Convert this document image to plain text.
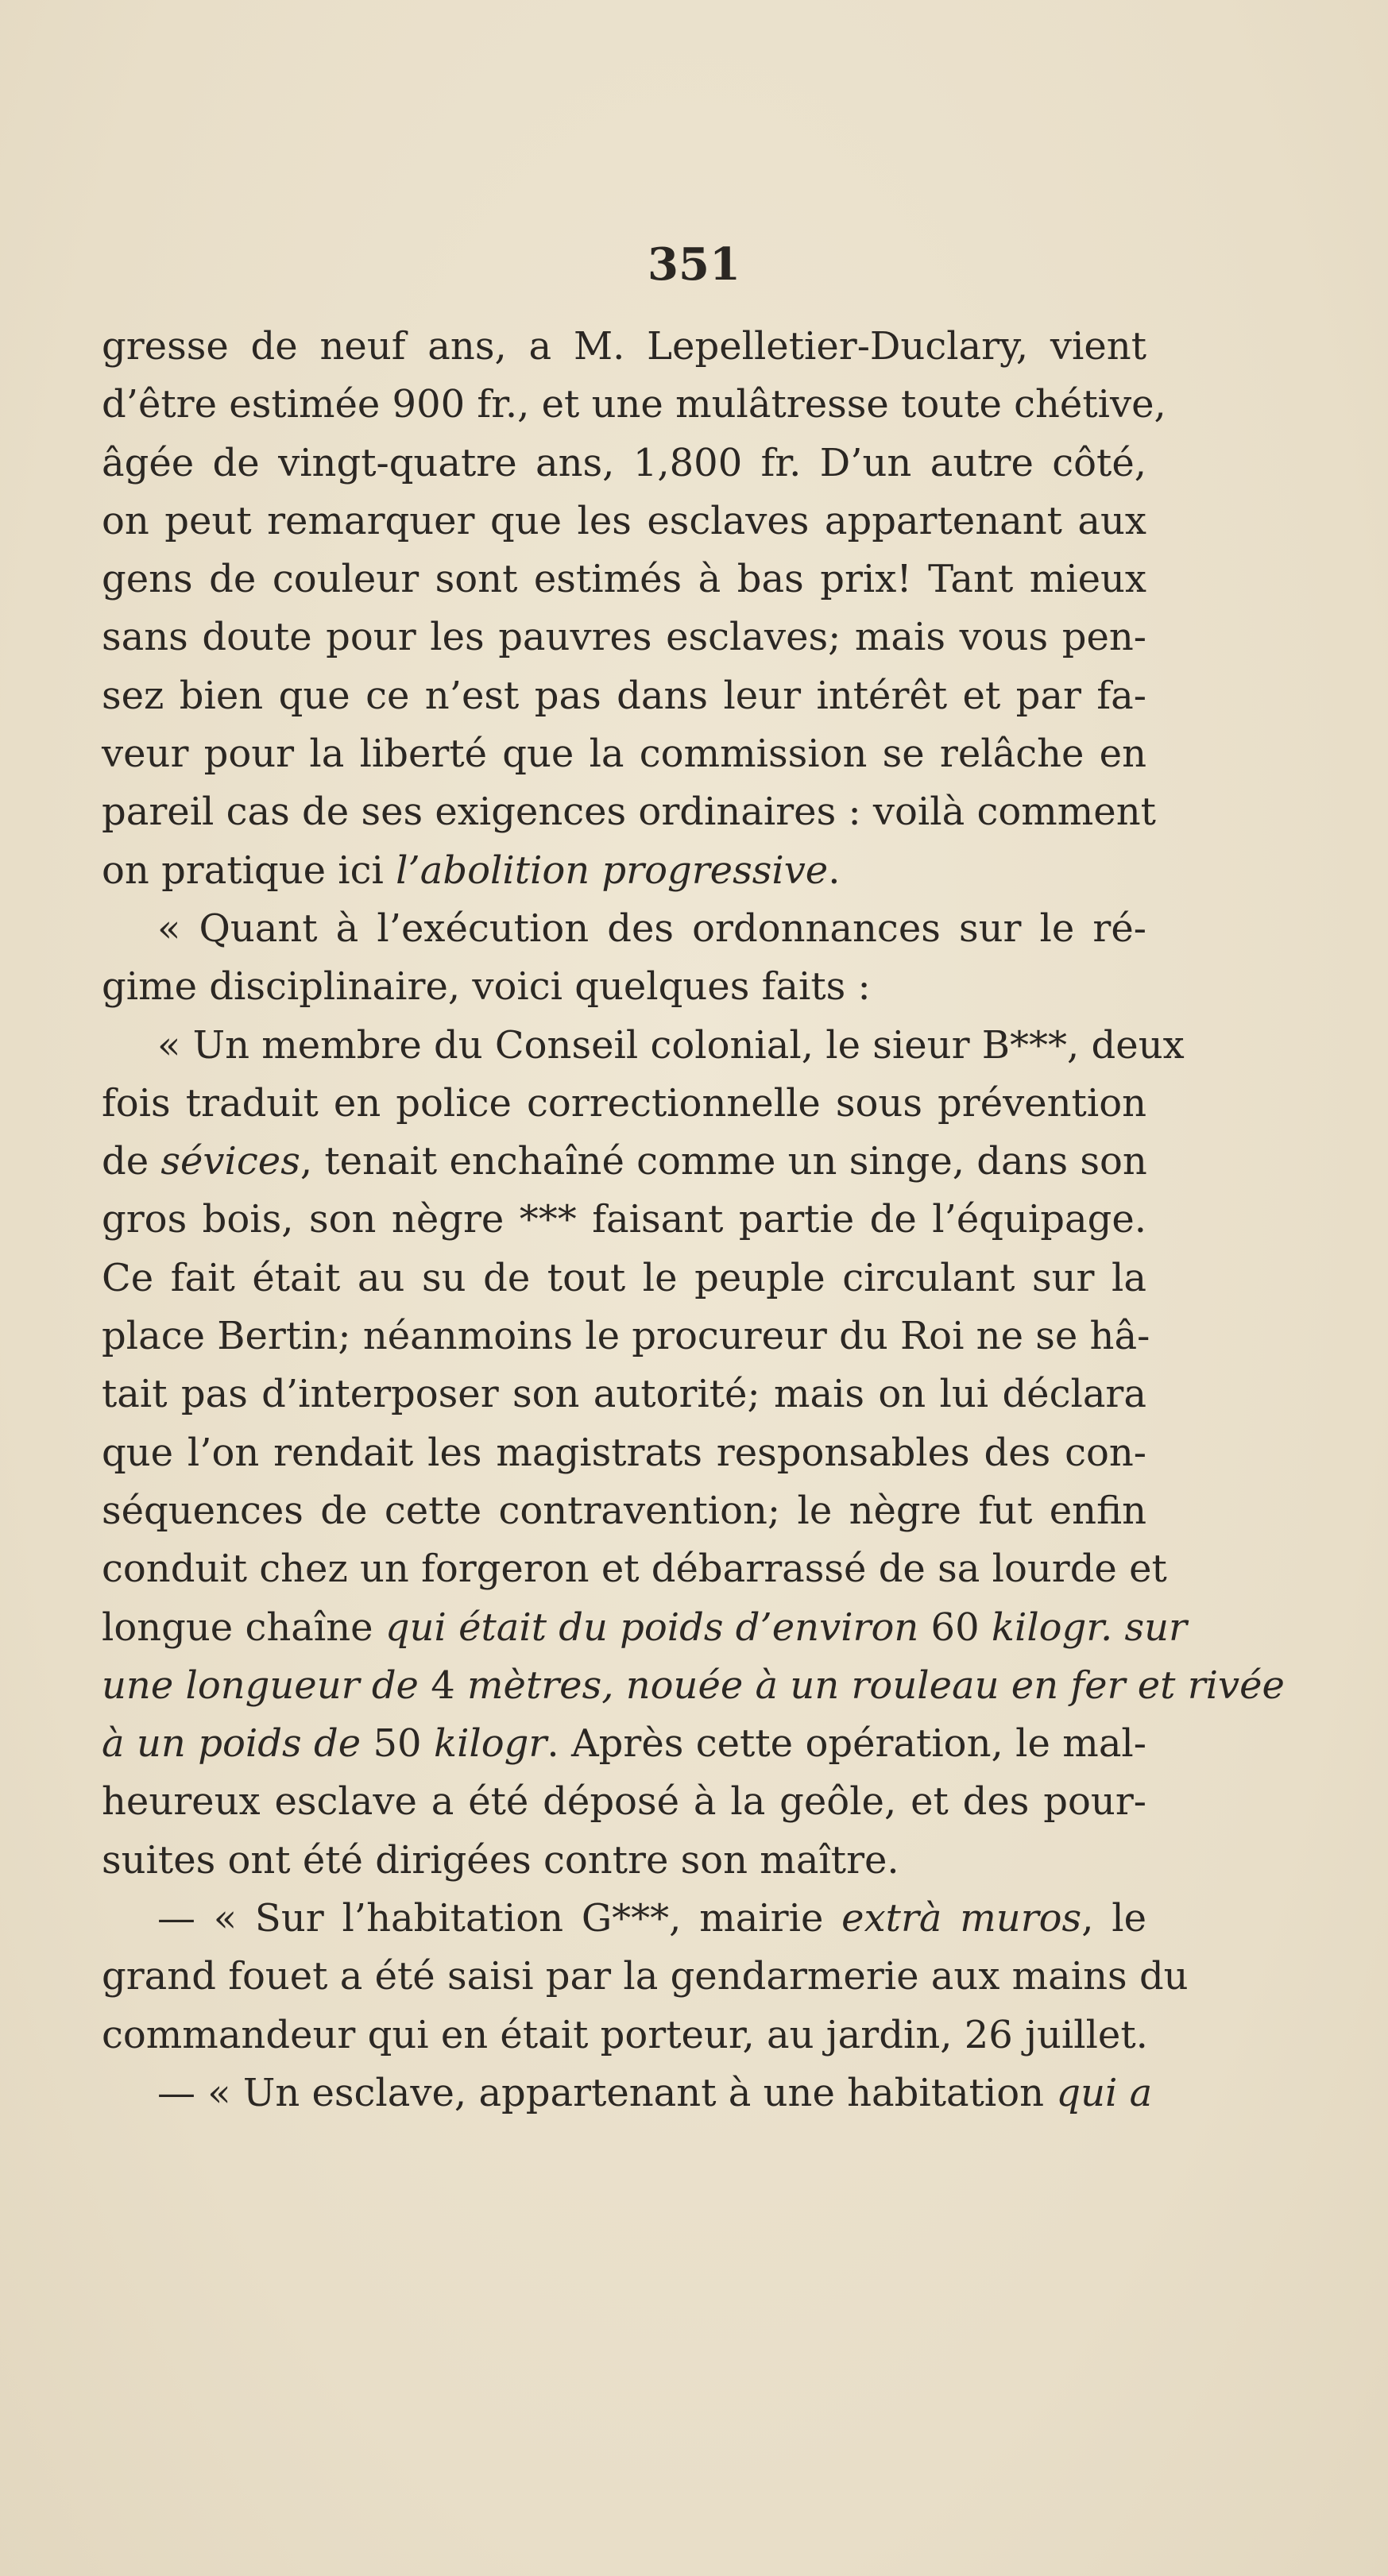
351
gresse de neuf ans, a M. Lepelletier-Duclary, vient
d’être estimée 900 fr., et une mulâtresse toute chétive,
âgée de vingt-quatre ans, 1,800 fr. D’un autre côté,
on peut remarquer que les esclaves appartenant aux
gens de couleur sont estimés à bas prix! Tant mieux
sans doute pour les pauvres esclaves; mais vous pen-
sez bien que ce n’est pas dans leur intérêt et par fa-
veur pour la liberté que la commission se relâche en
pareil cas de ses exigences ordinaires : voilà comment
on pratique ici l’abolition progressive.
« Quant à l’exécution des ordonnances sur le ré-
gime disciplinaire, voici quelques faits :
« Un membre du Conseil colonial, le sieur B***, deux
fois traduit en police correctionnelle sous prévention
de sévices, tenait enchaîné comme un singe, dans son
gros bois, son nègre *** faisant partie de l’équipage.
Ce fait était au su de tout le peuple circulant sur la
place Bertin; néanmoins le procureur du Roi ne se hâ-
tait pas d’interposer son autorité; mais on lui déclara
que l’on rendait les magistrats responsables des con-
séquences de cette contravention; le nègre fut enfin
conduit chez un forgeron et débarrassé de sa lourde et
longue chaîne qui était du poids d’environ 60 kilogr. sur
une longueur de 4 mètres, nouée à un rouleau en fer et rivée
à un poids de 50 kilogr. Après cette opération, le mal-
heureux esclave a été déposé à la geôle, et des pour-
suites ont été dirigées contre son maître.
— « Sur l’habitation G***, mairie extrà muros, le
grand fouet a été saisi par la gendarmerie aux mains du
commandeur qui en était porteur, au jardin, 26 juillet.
— « Un esclave, appartenant à une habitation qui a
